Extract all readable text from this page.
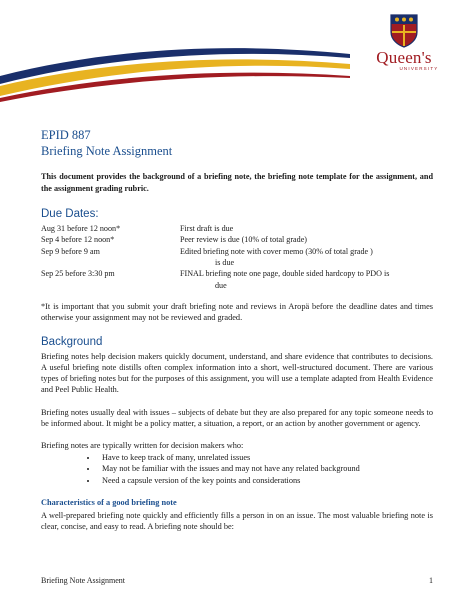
Queen's
UNIVERSITY
EPID 887
Briefing Note Assignment

This document provides the background of a briefing note, the briefing note template for the assignment, and the assignment grading rubric.

Due Dates:
Aug 31 before 12 noon*	First draft is due
Sep 4 before 12 noon*	Peer review is due (10% of total grade)
Sep 9 before 9 am	Edited briefing note with cover memo (30% of total grade )
is due

Sep 25 before 3:30 pm	FINAL briefing note one page, double sided hardcopy to PDO is
due

*It is important that you submit your draft briefing note and reviews in Aropä before the deadline dates and times otherwise your assignment may not be reviewed and graded.

Background

Briefing notes help decision makers quickly document, understand, and share evidence that contributes to decisions. A useful briefing note distills often complex information into a short, well-structured document. There are various types of briefing notes but for the purposes of this assignment, you will use a template adapted from Health Evidence and Peel Public Health.

Briefing notes usually deal with issues – subjects of debate but they are also prepared for any topic someone needs to be informed about. It might be a policy matter, a situation, a report, or an action by another government or agency.

Briefing notes are typically written for decision makers who:

• Have to keep track of many, unrelated issues
• May not be familiar with the issues and may not have any related background
• Need a capsule version of the key points and considerations
Characteristics of a good briefing note

A well-prepared briefing note quickly and efficiently fills a person in on an issue. The most valuable briefing note is clear, concise, and easy to read. A briefing note should be:

Briefing Note Assignment	1
